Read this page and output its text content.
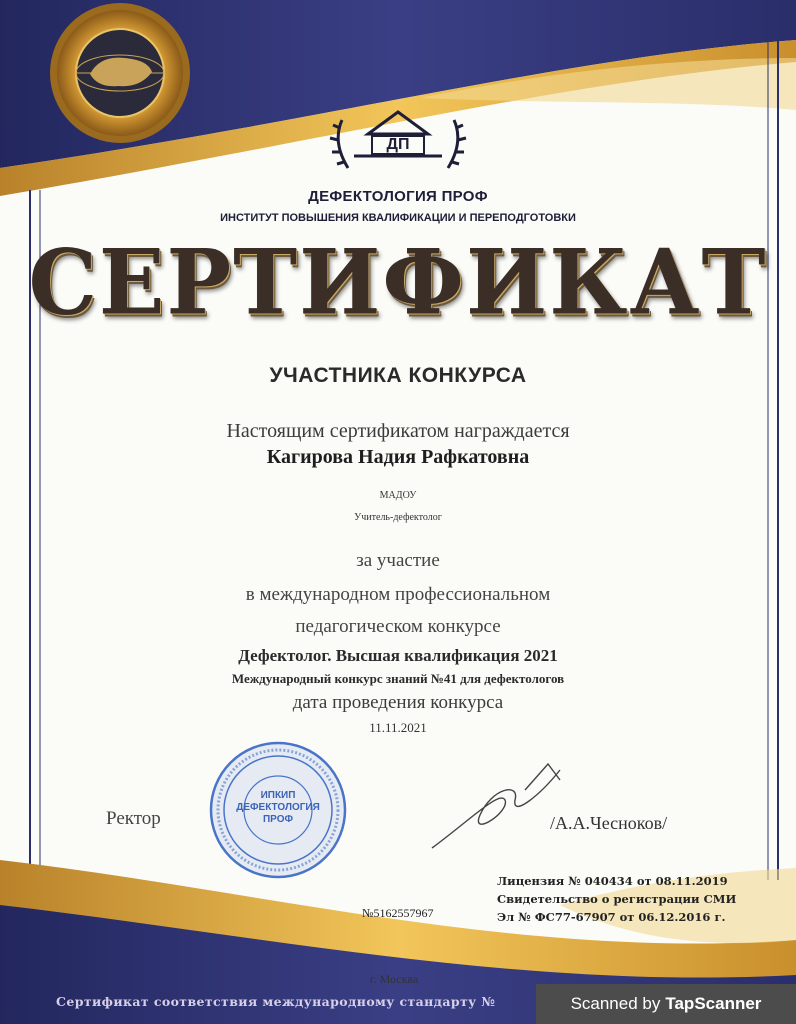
ДП
ДЕФЕКТОЛОГИЯ ПРОФ
ИНСТИТУТ ПОВЫШЕНИЯ КВАЛИФИКАЦИИ И ПЕРЕПОДГОТОВКИ
СЕРТИФИКАТ
УЧАСТНИКА КОНКУРСА
Настоящим сертификатом награждается
Кагирова Надия Рафкатовна
МАДОУ
Учитель-дефектолог
за участие
в международном профессиональном
педагогическом конкурсе
Дефектолог. Высшая квалификация 2021
Международный конкурс знаний №41 для дефектологов
дата проведения конкурса
11.11.2021
ИПКИП
ДЕФЕКТОЛОГИЯ
ПРОФ
Ректор	/А.А.Чесноков/
Лицензия № 040434 от 08.11.2019
Свидетельство о регистрации СМИ
Эл № ФС77-67907 от 06.12.2016 г.
№5162557967
г. Москва
Сертификат соответствия международному стандарту №	Scanned by TapScanner
